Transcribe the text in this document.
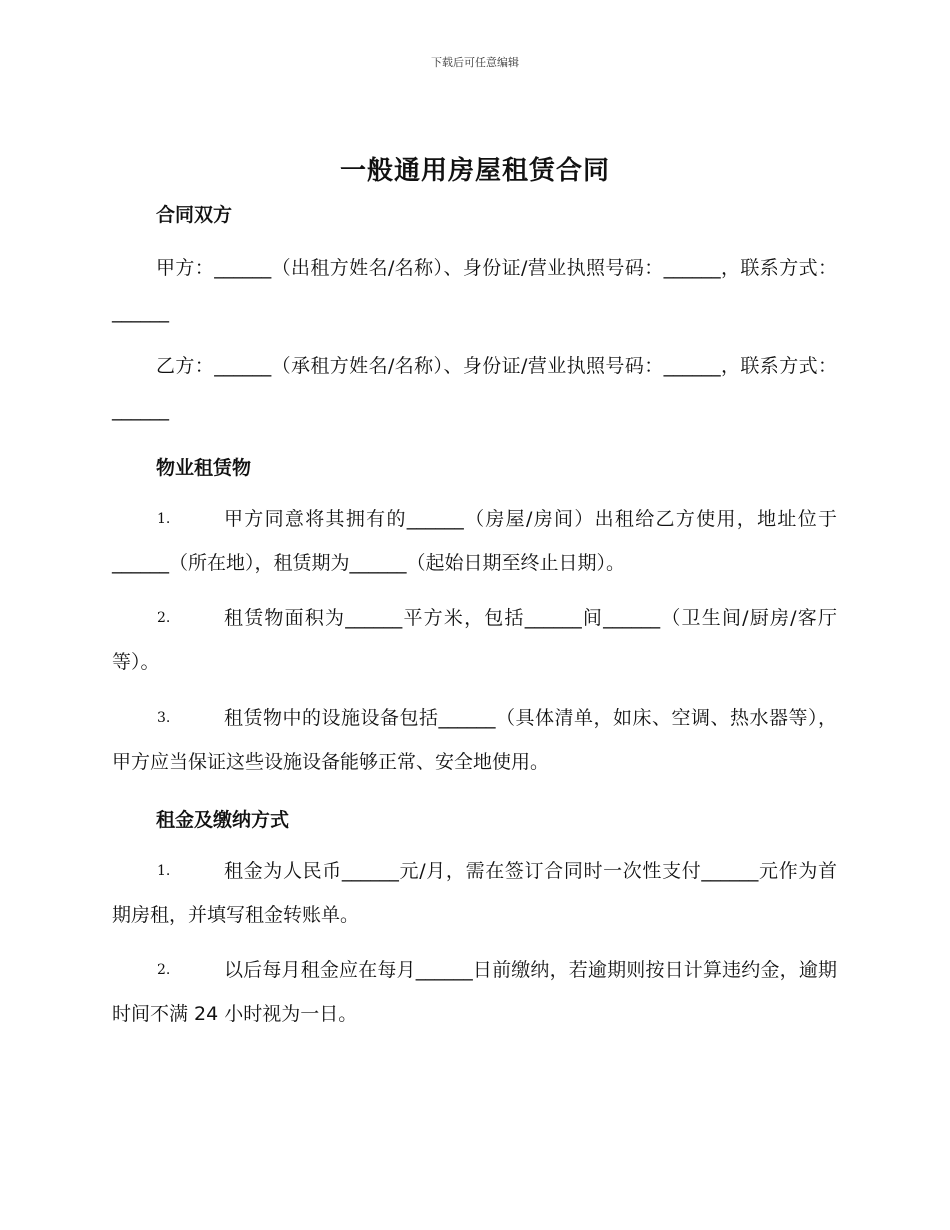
下载后可任意编辑
一般通用房屋租赁合同
合同双方

甲方：______（出租方姓名/名称）、身份证/营业执照号码：______，联系方式：______

乙方：______（承租方姓名/名称）、身份证/营业执照号码：______，联系方式：______

物业租赁物
1.	甲方同意将其拥有的______（房屋/房间）出租给乙方使用，地址位于______（所在地），租赁期为______（起始日期至终止日期）。
2.	租赁物面积为______平方米，包括______间______（卫生间/厨房/客厅等）。
3.	租赁物中的设施设备包括______（具体清单，如床、空调、热水器等），甲方应当保证这些设施设备能够正常、安全地使用。
租金及缴纳方式
1.	租金为人民币______元/月，需在签订合同时一次性支付______元作为首期房租，并填写租金转账单。
2.	以后每月租金应在每月______日前缴纳，若逾期则按日计算违约金，逾期时间不满 24 小时视为一日。
